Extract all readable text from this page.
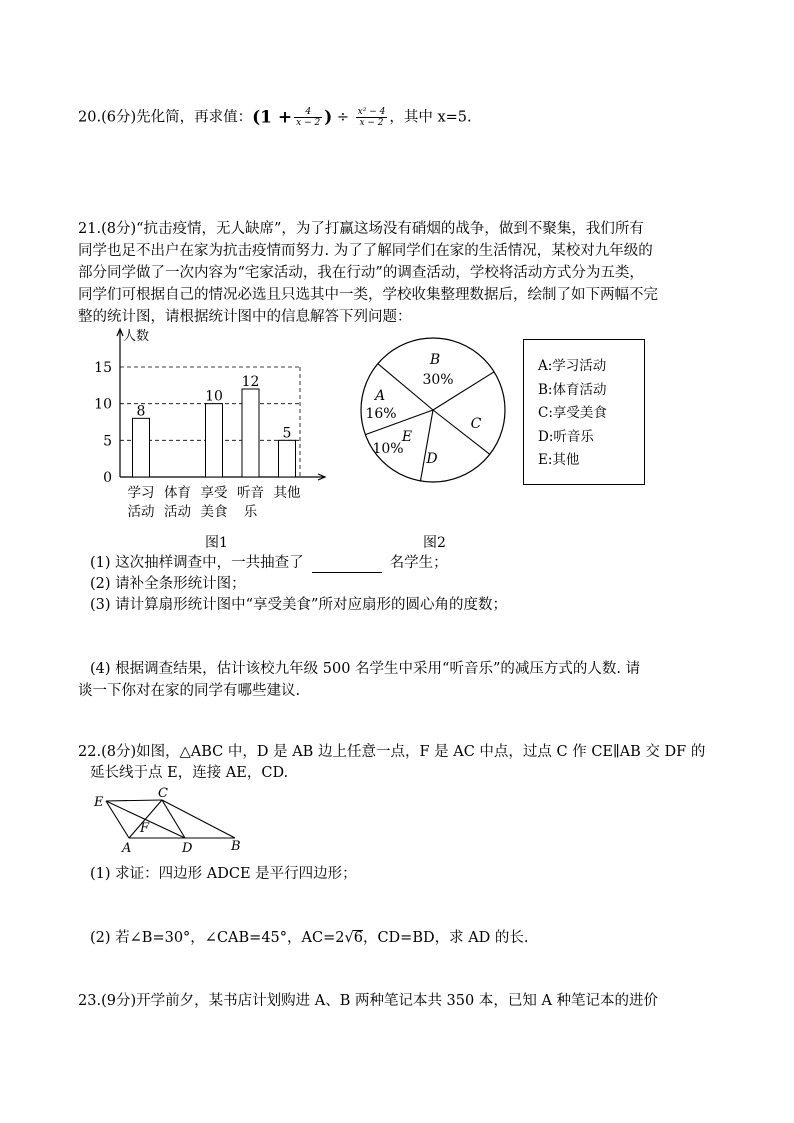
20.(6分)先化简，再求值：($1 + \frac{4}{x - 2}$ ) ÷ $\frac{\text{x² − 4}}{x - 2}$ ，其中 x=5.
21.(8分)“抗击疫情，无人缺席”，为了打赢这场没有硝烟的战争，做到不聚集，我们所有
同学也足不出户在家为抗击疫情而努力. 为了了解同学们在家的生活情况，某校对九年级的
部分同学做了一次内容为“宅家活动，我在行动”的调查活动，学校将活动方式分为五类，
同学们可根据自己的情况必选且只选其中一类，学校收集整理数据后，绘制了如下两幅不完
整的统计图，请根据统计图中的信息解答下列问题：
人数
0
5
10
15
8
学习
活动
体育
活动
10
享受
美食
12
听音
乐
5
其他
A
16%
B
30%
C
D
E
10%
A:学习活动
B:体育活动
C:享受美食
D:听音乐
E:其他
图1	图2
(1) 这次抽样调查中，一共抽查了	名学生；
(2) 请补全条形统计图；
(3) 请计算扇形统计图中“享受美食”所对应扇形的圆心角的度数；
(4) 根据调查结果，估计该校九年级 500 名学生中采用“听音乐”的减压方式的人数. 请
谈一下你对在家的同学有哪些建议.
22.(8分)如图，△ABC 中，D 是 AB 边上任意一点，F 是 AC 中点，过点 C 作 CE∥AB 交 DF 的
延长线于点 E，连接 AE，CD.
E
C
F
A	D	B
(1) 求证：四边形 ADCE 是平行四边形；
(2) 若∠B=30°，∠CAB=45°，AC=2√6，CD=BD，求 AD 的长.
23.(9分)开学前夕，某书店计划购进 A、B 两种笔记本共 350 本，已知 A 种笔记本的进价
